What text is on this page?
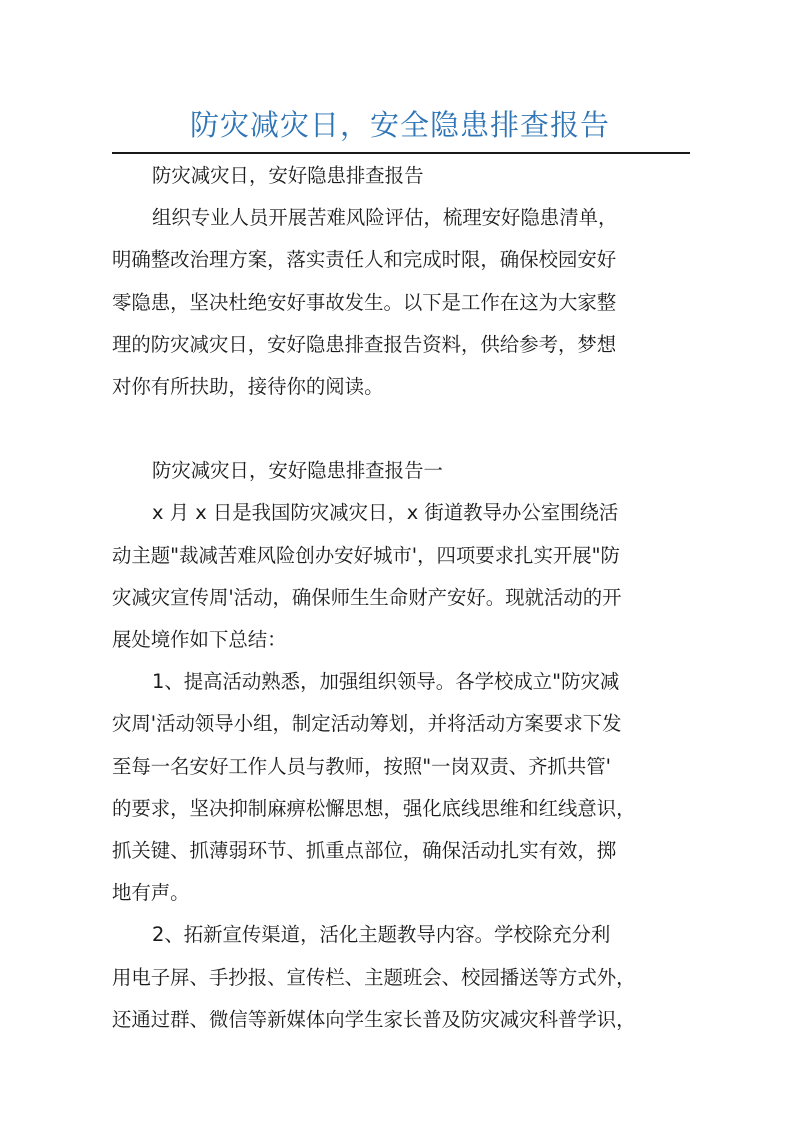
防灾减灾日，安全隐患排查报告

防灾减灾日，安好隐患排查报告

组织专业人员开展苦难风险评估，梳理安好隐患清单，
明确整改治理方案，落实责任人和完成时限，确保校园安好
零隐患，坚决杜绝安好事故发生。以下是工作在这为大家整
理的防灾减灾日，安好隐患排查报告资料，供给参考，梦想
对你有所扶助，接待你的阅读。

防灾减灾日，安好隐患排查报告一

x 月 x 日是我国防灾减灾日，x 街道教导办公室围绕活
动主题"裁减苦难风险创办安好城市'，四项要求扎实开展"防
灾减灾宣传周'活动，确保师生生命财产安好。现就活动的开
展处境作如下总结：

1、提高活动熟悉，加强组织领导。各学校成立"防灾减
灾周'活动领导小组，制定活动筹划，并将活动方案要求下发
至每一名安好工作人员与教师，按照"一岗双责、齐抓共管'
的要求，坚决抑制麻痹松懈思想，强化底线思维和红线意识，
抓关键、抓薄弱环节、抓重点部位，确保活动扎实有效，掷
地有声。

2、拓新宣传渠道，活化主题教导内容。学校除充分利
用电子屏、手抄报、宣传栏、主题班会、校园播送等方式外，
还通过群、微信等新媒体向学生家长普及防灾减灾科普学识，
